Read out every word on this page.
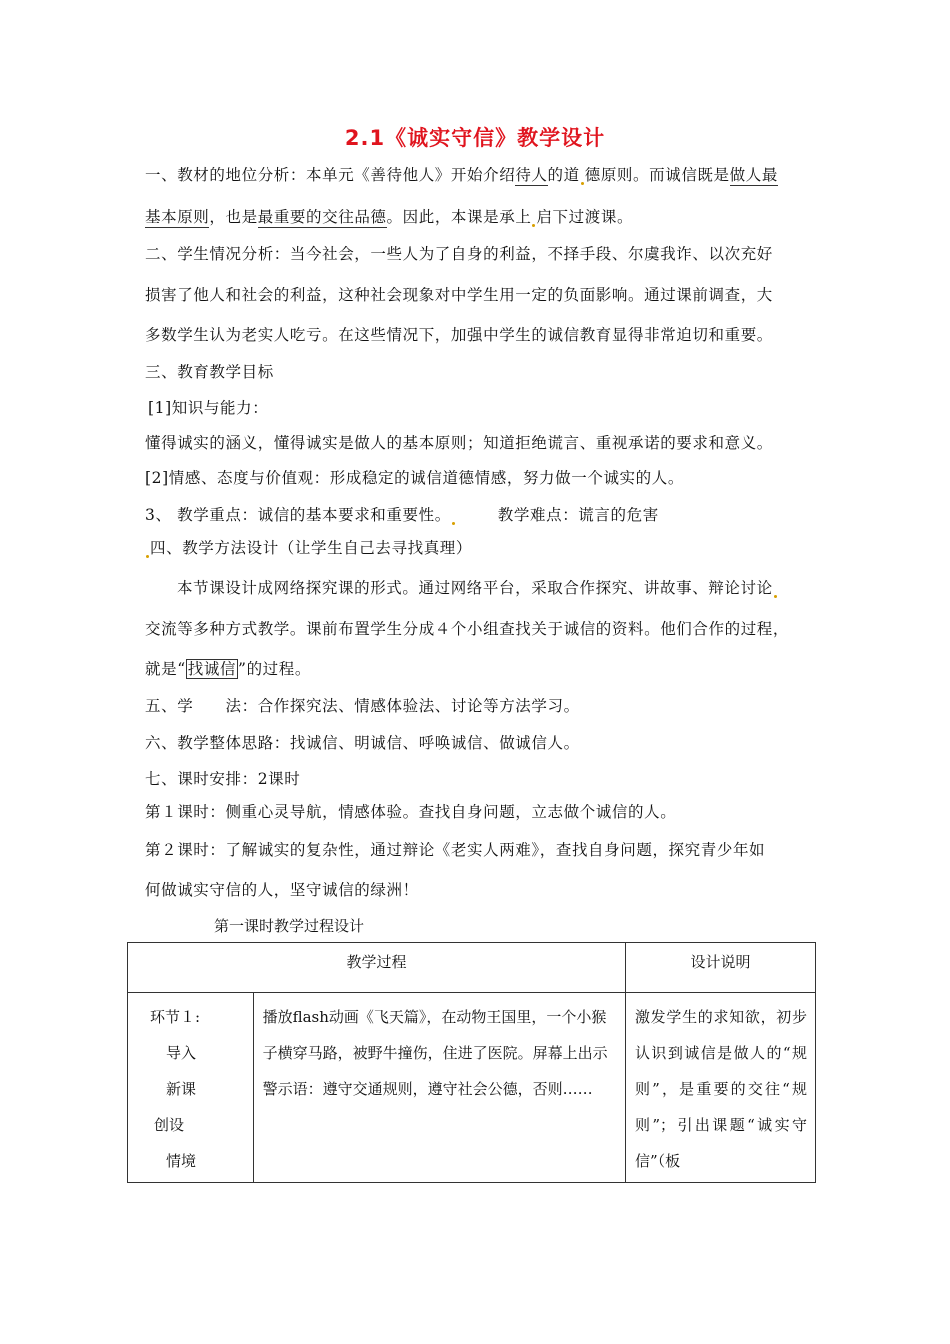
2.1《诚实守信》教学设计
一、教材的地位分析：本单元《善待他人》开始介绍待人的道 德原则。而诚信既是做人最
基本原则，也是最重要的交往品德。因此，本课是承上 启下过渡课。
二、学生情况分析：当今社会，一些人为了自身的利益，不择手段、尔虞我诈、以次充好
损害了他人和社会的利益，这种社会现象对中学生用一定的负面影响。通过课前调查，大
多数学生认为老实人吃亏。在这些情况下，加强中学生的诚信教育显得非常迫切和重要。
三、教育教学目标
[1]知识与能力：
懂得诚实的涵义，懂得诚实是做人的基本原则；知道拒绝谎言、重视承诺的要求和意义。
[2]情感、态度与价值观：形成稳定的诚信道德情感，努力做一个诚实的人。
3、 教学重点：诚信的基本要求和重要性。	教学难点：谎言的危害
四、教学方法设计（让学生自己去寻找真理）
本节课设计成网络探究课的形式。通过网络平台，采取合作探究、讲故事、辩论讨论
交流等多种方式教学。课前布置学生分成４个小组查找关于诚信的资料。他们合作的过程，
就是“ 找诚信 ”的过程。
五、学　　法：合作探究法、情感体验法、讨论等方法学习。
六、教学整体思路：找诚信、明诚信、呼唤诚信、做诚信人。
七、课时安排：2课时
第１课时：侧重心灵导航，情感体验。查找自身问题，立志做个诚信的人。
第２课时：了解诚实的复杂性，通过辩论《老实人两难》，查找自身问题，探究青少年如
何做诚实守信的人，坚守诚信的绿洲！
第一课时教学过程设计
教学过程		设计说明

环节１:
导入
新课
创设
情境	播放flash动画《飞天篇》，在动物王国里，一个小猴子横穿马路，被野牛撞伤，住进了医院。屏幕上出示警示语：遵守交通规则，遵守社会公德，否则……	激发学生的求知欲，初步认识到诚信是做人的“规则”，是重要的交往“规则”；引出课题“诚实守信”（板
